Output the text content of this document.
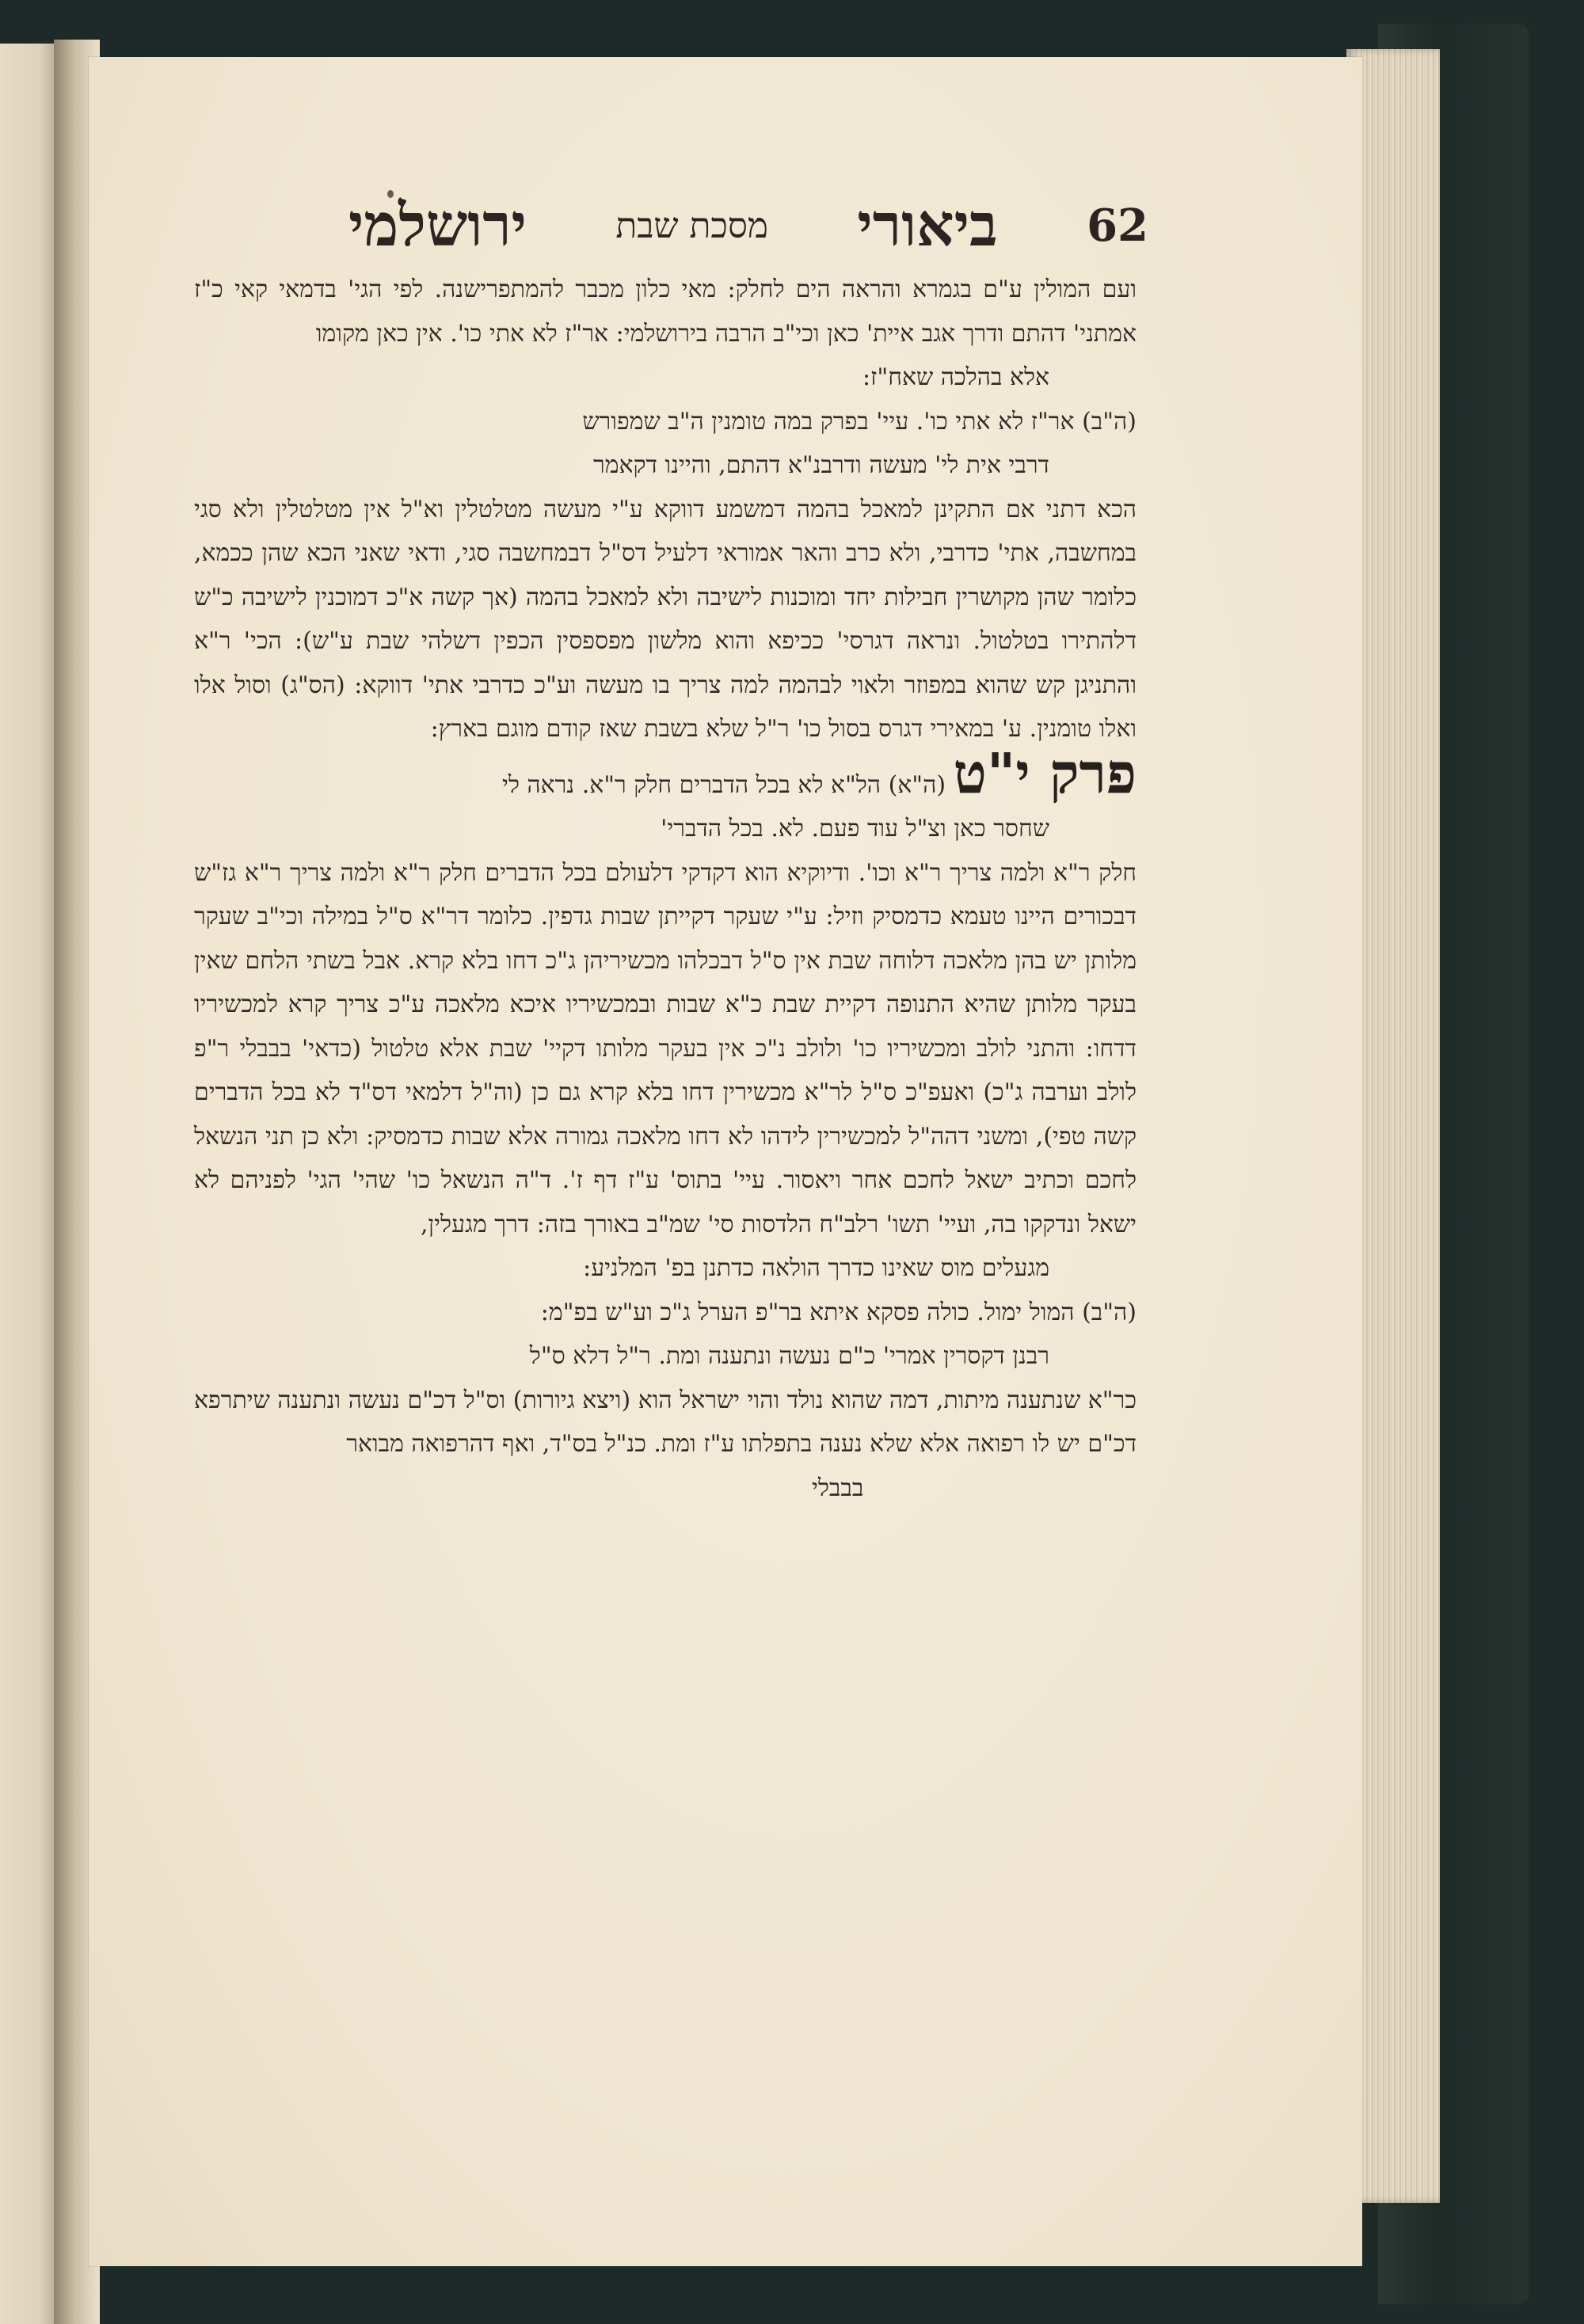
62
ביאורי
מסכת שבת
ירושלמי

ועם המולין ע"ם בגמרא והראה הים לחלק: מאי כלון מכבר להמתפרישנה. לפי הגי' בדמאי קאי כ"ז אמתני' דהתם ודרך אגב איית' כאן וכי"ב הרבה בירושלמי: אר"ז לא אתי כו'. אין כאן מקומו

אלא בהלכה שאח"ז:

(ה"ב) אר"ז לא אתי כו'. עיי' בפרק במה טומנין ה"ב שמפורש

דרבי אית לי' מעשה ודרבנ"א דהתם, והיינו דקאמר

הכא דתני אם התקינן למאכל בהמה דמשמע דווקא ע"י מעשה מטלטלין וא"ל אין מטלטלין ולא סגי במחשבה, אתי' כדרבי, ולא כרב והאר אמוראי דלעיל דס"ל דבמחשבה סגי, ודאי שאני הכא שהן ככמא, כלומר שהן מקושרין חבילות יחד ומוכנות לישיבה ולא למאכל בהמה (אך קשה א"כ דמוכנין לישיבה כ"ש דלהתירו בטלטול. ונראה דגרסי' ככיפא והוא מלשון מפספסין הכפין דשלהי שבת ע"ש): הכי' ר"א והתניגן קש שהוא במפוזר ולאוי לבהמה למה צריך בו מעשה וע"כ כדרבי אתי' דווקא: (הס"ג) וסול אלו ואלו טומנין. ע' במאירי דגרס בסול כו' ר"ל שלא בשבת שאז קודם מוגם בארץ:

פרק י"ט (ה"א) הל"א לא בכל הדברים חלק ר"א. נראה לי

שחסר כאן וצ"ל עוד פעם. לא. בכל הדברי'

חלק ר"א ולמה צריך ר"א וכו'. ודיוקיא הוא דקדקי דלעולם בכל הדברים חלק ר"א ולמה צריך ר"א גז"ש דבכורים היינו טעמא כדמסיק וזיל: ע"י שעקר דקייתן שבות גדפין. כלומר דר"א ס"ל במילה וכי"ב שעקר מלותן יש בהן מלאכה דלוחה שבת אין ס"ל דבכלהו מכשיריהן ג"כ דחו בלא קרא. אבל בשתי הלחם שאין בעקר מלותן שהיא התנופה דקיית שבת כ"א שבות ובמכשיריו איכא מלאכה ע"כ צריך קרא למכשיריו דדחו: והתני לולב ומכשיריו כו' ולולב נ"כ אין בעקר מלותו דקיי' שבת אלא טלטול (כדאי' בבבלי ר"פ לולב וערבה ג"כ) ואעפ"כ ס"ל לר"א מכשירין דחו בלא קרא גם כן (וה"ל דלמאי דס"ד לא בכל הדברים קשה טפי), ומשני דהה"ל למכשירין לידהו לא דחו מלאכה גמורה אלא שבות כדמסיק: ולא כן תני הנשאל לחכם וכתיב ישאל לחכם אחר ויאסור. עיי' בתוס' ע"ז דף ז'. ד"ה הנשאל כו' שהי' הגי' לפניהם לא ישאל ונדקקו בה, ועיי' תשו' רלב"ח הלדסות סי' שמ"ב באורך בזה: דרך מגעלין,

מגעלים מוס שאינו כדרך הולאה כדתנן בפ' המלניע:

(ה"ב) המול ימול. כולה פסקא איתא בר"פ הערל ג"כ וע"ש בפ"מ:

רבנן דקסרין אמרי' כ"ם נעשה ונתענה ומת. ר"ל דלא ס"ל

כר"א שנתענה מיתות, דמה שהוא נולד והוי ישראל הוא (ויצא גיורות) וס"ל דכ"ם נעשה ונתענה שיתרפא דכ"ם יש לו רפואה אלא שלא נענה בתפלתו ע"ז ומת. כנ"ל בס"ד, ואף דהרפואה מבואר

בבבלי
